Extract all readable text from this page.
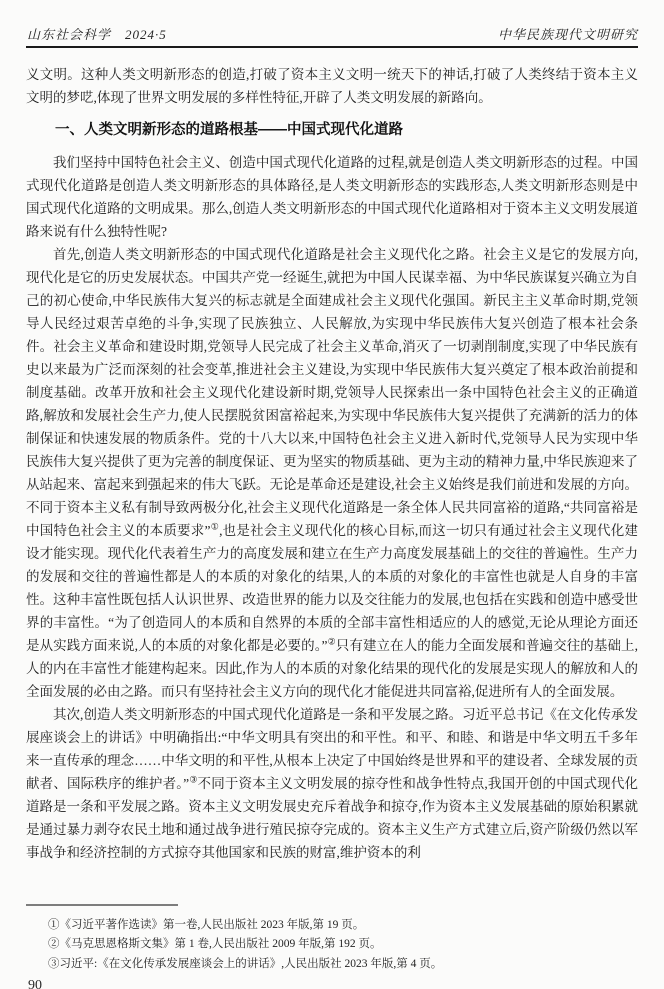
山东社会科学　2024·5	中华民族现代文明研究

义文明。这种人类文明新形态的创造,打破了资本主义文明一统天下的神话,打破了人类终结于资本主义文明的梦呓,体现了世界文明发展的多样性特征,开辟了人类文明发展的新路向。

一、人类文明新形态的道路根基——中国式现代化道路

我们坚持中国特色社会主义、创造中国式现代化道路的过程,就是创造人类文明新形态的过程。中国式现代化道路是创造人类文明新形态的具体路径,是人类文明新形态的实践形态,人类文明新形态则是中国式现代化道路的文明成果。那么,创造人类文明新形态的中国式现代化道路相对于资本主义文明发展道路来说有什么独特性呢?

首先,创造人类文明新形态的中国式现代化道路是社会主义现代化之路。社会主义是它的发展方向,现代化是它的历史发展状态。中国共产党一经诞生,就把为中国人民谋幸福、为中华民族谋复兴确立为自己的初心使命,中华民族伟大复兴的标志就是全面建成社会主义现代化强国。新民主主义革命时期,党领导人民经过艰苦卓绝的斗争,实现了民族独立、人民解放,为实现中华民族伟大复兴创造了根本社会条件。社会主义革命和建设时期,党领导人民完成了社会主义革命,消灭了一切剥削制度,实现了中华民族有史以来最为广泛而深刻的社会变革,推进社会主义建设,为实现中华民族伟大复兴奠定了根本政治前提和制度基础。改革开放和社会主义现代化建设新时期,党领导人民探索出一条中国特色社会主义的正确道路,解放和发展社会生产力,使人民摆脱贫困富裕起来,为实现中华民族伟大复兴提供了充满新的活力的体制保证和快速发展的物质条件。党的十八大以来,中国特色社会主义进入新时代,党领导人民为实现中华民族伟大复兴提供了更为完善的制度保证、更为坚实的物质基础、更为主动的精神力量,中华民族迎来了从站起来、富起来到强起来的伟大飞跃。无论是革命还是建设,社会主义始终是我们前进和发展的方向。不同于资本主义私有制导致两极分化,社会主义现代化道路是一条全体人民共同富裕的道路,“共同富裕是中国特色社会主义的本质要求”①,也是社会主义现代化的核心目标,而这一切只有通过社会主义现代化建设才能实现。现代化代表着生产力的高度发展和建立在生产力高度发展基础上的交往的普遍性。生产力的发展和交往的普遍性都是人的本质的对象化的结果,人的本质的对象化的丰富性也就是人自身的丰富性。这种丰富性既包括人认识世界、改造世界的能力以及交往能力的发展,也包括在实践和创造中感受世界的丰富性。“为了创造同人的本质和自然界的本质的全部丰富性相适应的人的感觉,无论从理论方面还是从实践方面来说,人的本质的对象化都是必要的。”②只有建立在人的能力全面发展和普遍交往的基础上,人的内在丰富性才能建构起来。因此,作为人的本质的对象化结果的现代化的发展是实现人的解放和人的全面发展的必由之路。而只有坚持社会主义方向的现代化才能促进共同富裕,促进所有人的全面发展。

其次,创造人类文明新形态的中国式现代化道路是一条和平发展之路。习近平总书记《在文化传承发展座谈会上的讲话》中明确指出:“中华文明具有突出的和平性。和平、和睦、和谐是中华文明五千多年来一直传承的理念……中华文明的和平性,从根本上决定了中国始终是世界和平的建设者、全球发展的贡献者、国际秩序的维护者。”③不同于资本主义文明发展的掠夺性和战争性特点,我国开创的中国式现代化道路是一条和平发展之路。资本主义文明发展史充斥着战争和掠夺,作为资本主义发展基础的原始积累就是通过暴力剥夺农民土地和通过战争进行殖民掠夺完成的。资本主义生产方式建立后,资产阶级仍然以军事战争和经济控制的方式掠夺其他国家和民族的财富,维护资本的利

①《习近平著作选读》第一卷,人民出版社 2023 年版,第 19 页。

②《马克思恩格斯文集》第 1 卷,人民出版社 2009 年版,第 192 页。

③习近平:《在文化传承发展座谈会上的讲话》,人民出版社 2023 年版,第 4 页。

90
